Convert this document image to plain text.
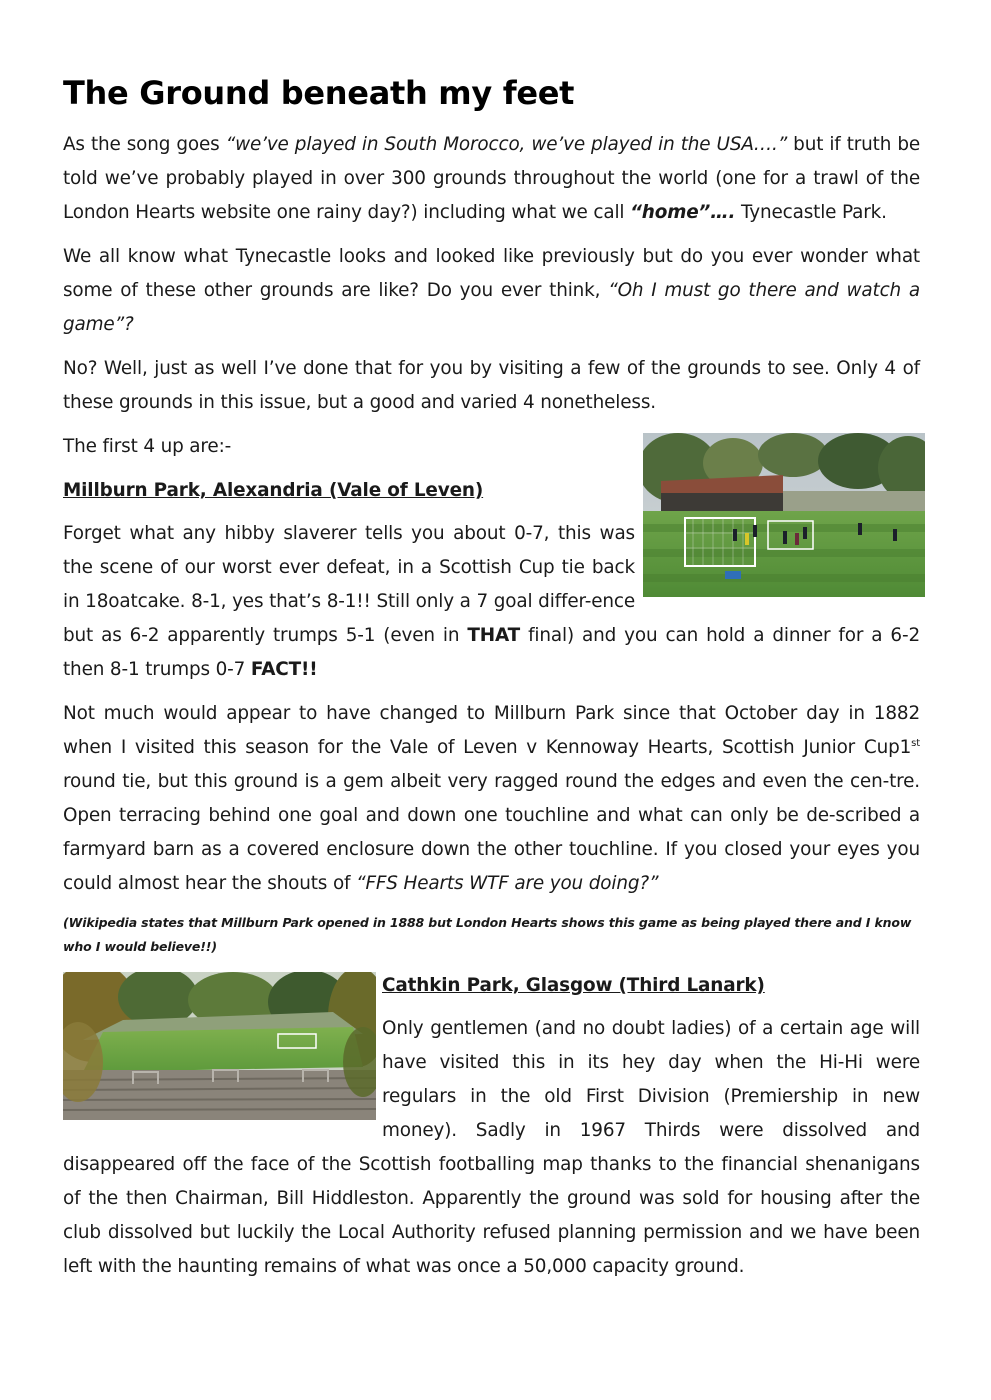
The Ground beneath my feet

As the song goes “we’ve played in South Morocco, we’ve played in the USA….” but if truth be told we’ve probably played in over 300 grounds throughout the world (one for a trawl of the London Hearts website one rainy day?) including what we call “home”…. Tynecastle Park.

We all know what Tynecastle looks and looked like previously but do you ever wonder what some of these other grounds are like? Do you ever think, “Oh I must go there and watch a game”?

No? Well, just as well I’ve done that for you by visiting a few of the grounds to see. Only 4 of these grounds in this issue, but a good and varied 4 nonetheless.

The first 4 up are:-

Millburn Park, Alexandria (Vale of Leven)

Forget what any hibby slaverer tells you about 0-7, this was the scene of our worst ever defeat, in a Scottish Cup tie back in 18oatcake. 8-1, yes that’s 8-1!! Still only a 7 goal differ-ence but as 6-2 apparently trumps 5-1 (even in THAT final) and you can hold a dinner for a 6-2 then 8-1 trumps 0-7 FACT!!

Not much would appear to have changed to Millburn Park since that October day in 1882 when I visited this season for the Vale of Leven v Kennoway Hearts, Scottish Junior Cup1st round tie, but this ground is a gem albeit very ragged round the edges and even the cen-tre. Open terracing behind one goal and down one touchline and what can only be de-scribed a farmyard barn as a covered enclosure down the other touchline. If you closed your eyes you could almost hear the shouts of “FFS Hearts WTF are you doing?”

(Wikipedia states that Millburn Park opened in 1888 but London Hearts shows this game as being played there and I know who I would believe!!)

Cathkin Park, Glasgow (Third Lanark)

Only gentlemen (and no doubt ladies) of a certain age will have visited this in its hey day when the Hi-Hi were regulars in the old First Division (Premiership in new money). Sadly in 1967 Thirds were dissolved and disappeared off the face of the Scottish footballing map thanks to the financial shenanigans of the then Chairman, Bill Hiddleston. Apparently the ground was sold for housing after the club dissolved but luckily the Local Authority refused planning permission and we have been left with the haunting remains of what was once a 50,000 capacity ground.
